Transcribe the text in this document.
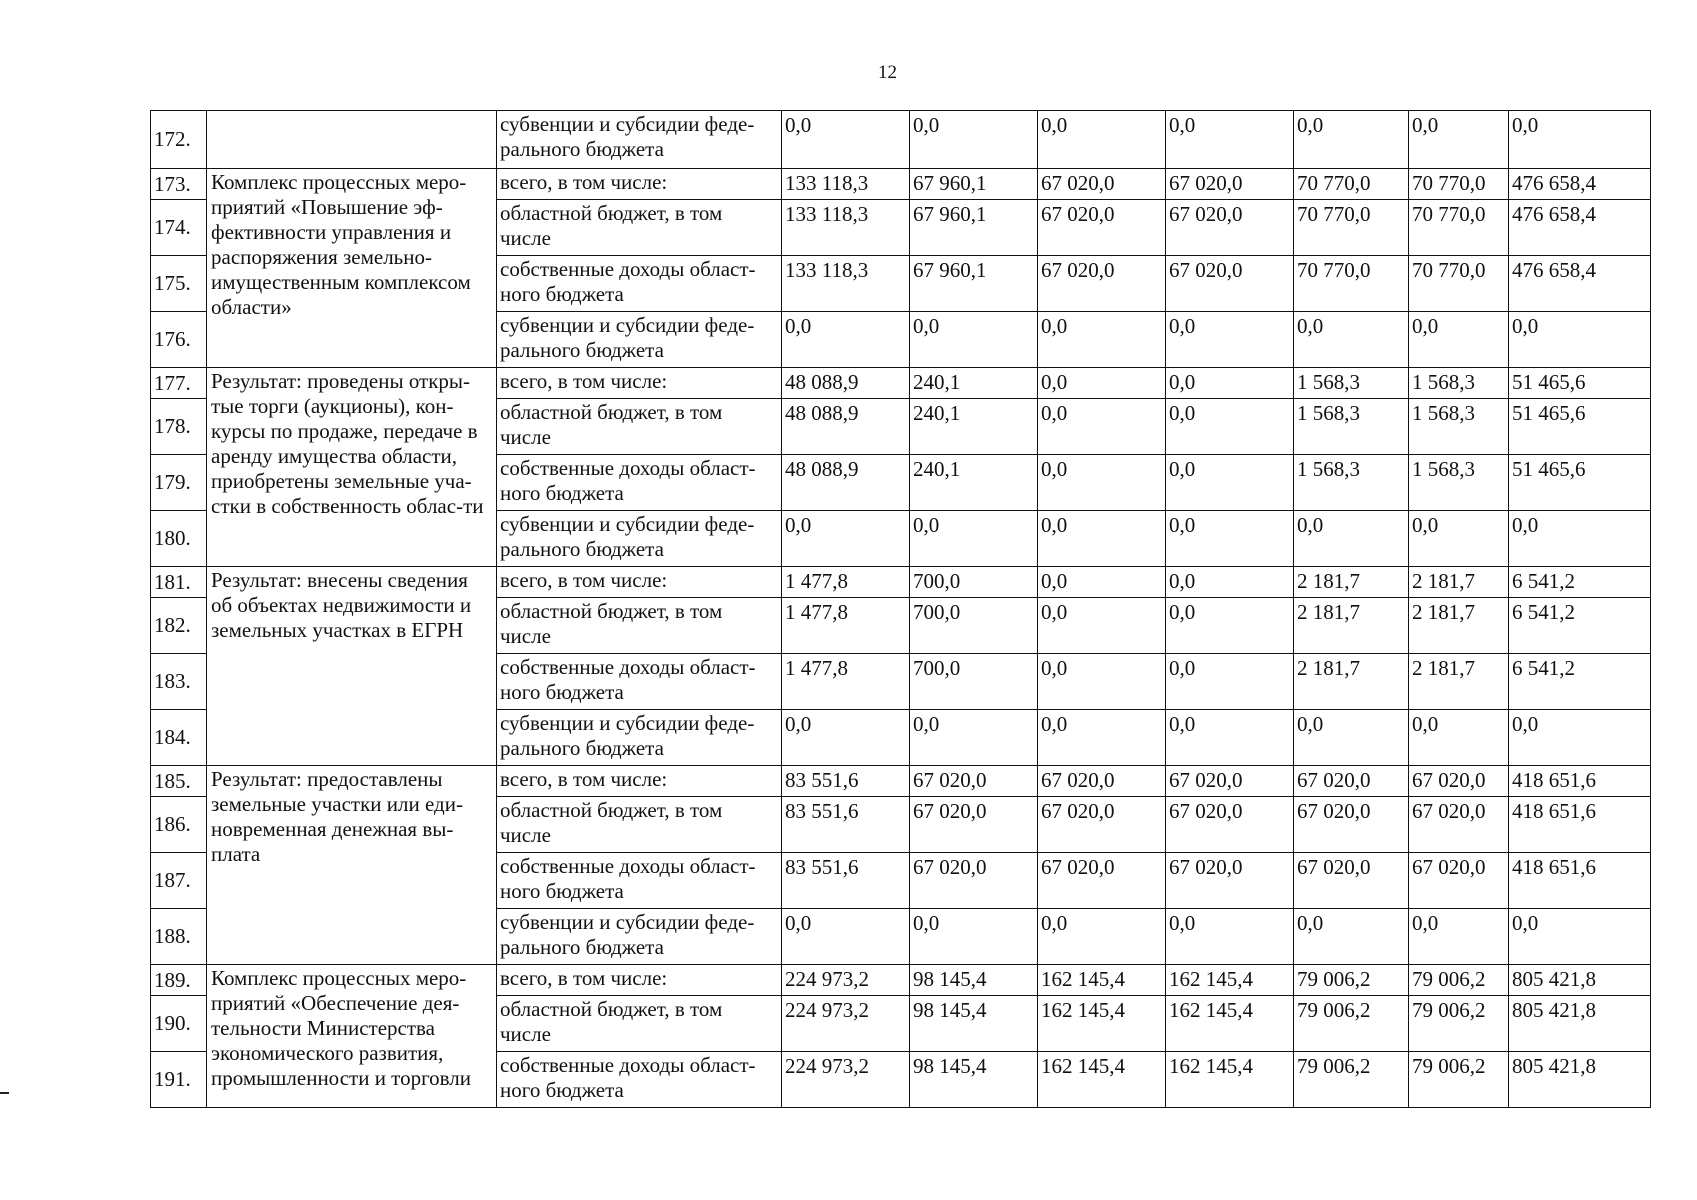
12
172.		субвенции и субсидии феде-рального бюджета	0,0	0,0	0,0	0,0	0,0	0,0	0,0
173.	Комплекс процессных меро-приятий «Повышение эф-фективности управления и распоряжения земельно-имущественным комплексом области»	всего, в том числе:	133 118,3	67 960,1	67 020,0	67 020,0	70 770,0	70 770,0	476 658,4
174.		областной бюджет, в том числе	133 118,3	67 960,1	67 020,0	67 020,0	70 770,0	70 770,0	476 658,4
175.		собственные доходы област-ного бюджета	133 118,3	67 960,1	67 020,0	67 020,0	70 770,0	70 770,0	476 658,4
176.		субвенции и субсидии феде-рального бюджета	0,0	0,0	0,0	0,0	0,0	0,0	0,0
177.	Результат: проведены откры-тые торги (аукционы), кон-курсы по продаже, передаче в аренду имущества области, приобретены земельные уча-стки в собственность облас-ти	всего, в том числе:	48 088,9	240,1	0,0	0,0	1 568,3	1 568,3	51 465,6
178.		областной бюджет, в том числе	48 088,9	240,1	0,0	0,0	1 568,3	1 568,3	51 465,6
179.		собственные доходы област-ного бюджета	48 088,9	240,1	0,0	0,0	1 568,3	1 568,3	51 465,6
180.		субвенции и субсидии феде-рального бюджета	0,0	0,0	0,0	0,0	0,0	0,0	0,0
181.	Результат: внесены сведения об объектах недвижимости и земельных участках в ЕГРН	всего, в том числе:	1 477,8	700,0	0,0	0,0	2 181,7	2 181,7	6 541,2
182.		областной бюджет, в том числе	1 477,8	700,0	0,0	0,0	2 181,7	2 181,7	6 541,2
183.		собственные доходы област-ного бюджета	1 477,8	700,0	0,0	0,0	2 181,7	2 181,7	6 541,2
184.		субвенции и субсидии феде-рального бюджета	0,0	0,0	0,0	0,0	0,0	0,0	0,0
185.	Результат: предоставлены земельные участки или еди-новременная денежная вы-плата	всего, в том числе:	83 551,6	67 020,0	67 020,0	67 020,0	67 020,0	67 020,0	418 651,6
186.		областной бюджет, в том числе	83 551,6	67 020,0	67 020,0	67 020,0	67 020,0	67 020,0	418 651,6
187.		собственные доходы област-ного бюджета	83 551,6	67 020,0	67 020,0	67 020,0	67 020,0	67 020,0	418 651,6
188.		субвенции и субсидии феде-рального бюджета	0,0	0,0	0,0	0,0	0,0	0,0	0,0
189.	Комплекс процессных меро-приятий «Обеспечение дея-тельности Министерства экономического развития, промышленности и торговли	всего, в том числе:	224 973,2	98 145,4	162 145,4	162 145,4	79 006,2	79 006,2	805 421,8
190.		областной бюджет, в том числе	224 973,2	98 145,4	162 145,4	162 145,4	79 006,2	79 006,2	805 421,8
191.		собственные доходы област-ного бюджета	224 973,2	98 145,4	162 145,4	162 145,4	79 006,2	79 006,2	805 421,8
